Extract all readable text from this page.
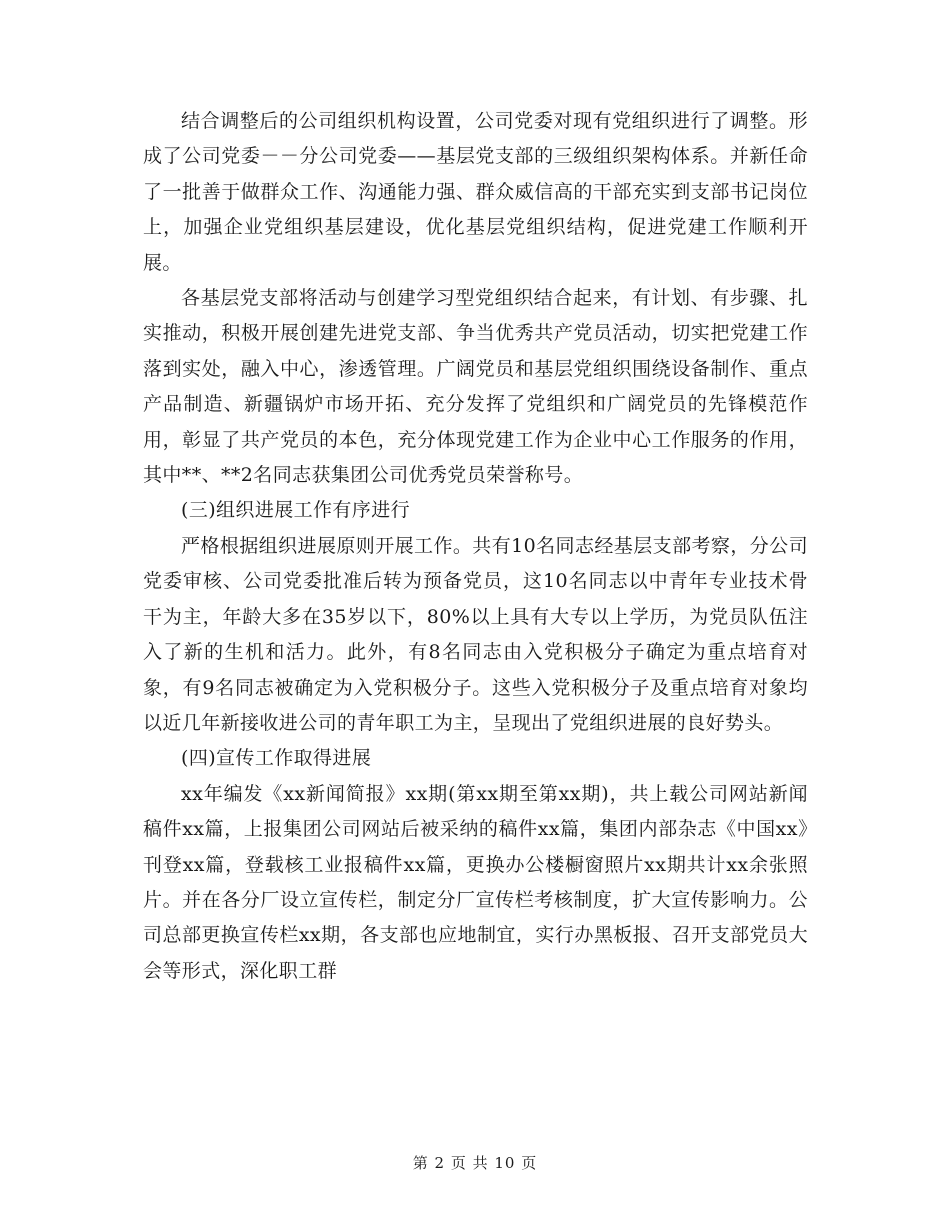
结合调整后的公司组织机构设置，公司党委对现有党组织进行了调整。形成了公司党委－－分公司党委——基层党支部的三级组织架构体系。并新任命了一批善于做群众工作、沟通能力强、群众威信高的干部充实到支部书记岗位上，加强企业党组织基层建设，优化基层党组织结构，促进党建工作顺利开展。

各基层党支部将活动与创建学习型党组织结合起来，有计划、有步骤、扎实推动，积极开展创建先进党支部、争当优秀共产党员活动，切实把党建工作落到实处，融入中心，渗透管理。广阔党员和基层党组织围绕设备制作、重点产品制造、新疆锅炉市场开拓、充分发挥了党组织和广阔党员的先锋模范作用，彰显了共产党员的本色，充分体现党建工作为企业中心工作服务的作用，其中**、**2名同志获集团公司优秀党员荣誉称号。

(三)组织进展工作有序进行

严格根据组织进展原则开展工作。共有10名同志经基层支部考察，分公司党委审核、公司党委批准后转为预备党员，这10名同志以中青年专业技术骨干为主，年龄大多在35岁以下，80%以上具有大专以上学历，为党员队伍注入了新的生机和活力。此外，有8名同志由入党积极分子确定为重点培育对象，有9名同志被确定为入党积极分子。这些入党积极分子及重点培育对象均以近几年新接收进公司的青年职工为主，呈现出了党组织进展的良好势头。

(四)宣传工作取得进展

xx年编发《xx新闻简报》xx期(第xx期至第xx期)，共上载公司网站新闻稿件xx篇，上报集团公司网站后被采纳的稿件xx篇，集团内部杂志《中国xx》刊登xx篇，登载核工业报稿件xx篇，更换办公楼橱窗照片xx期共计xx余张照片。并在各分厂设立宣传栏，制定分厂宣传栏考核制度，扩大宣传影响力。公司总部更换宣传栏xx期，各支部也应地制宜，实行办黑板报、召开支部党员大会等形式，深化职工群

第 2 页 共 10 页
